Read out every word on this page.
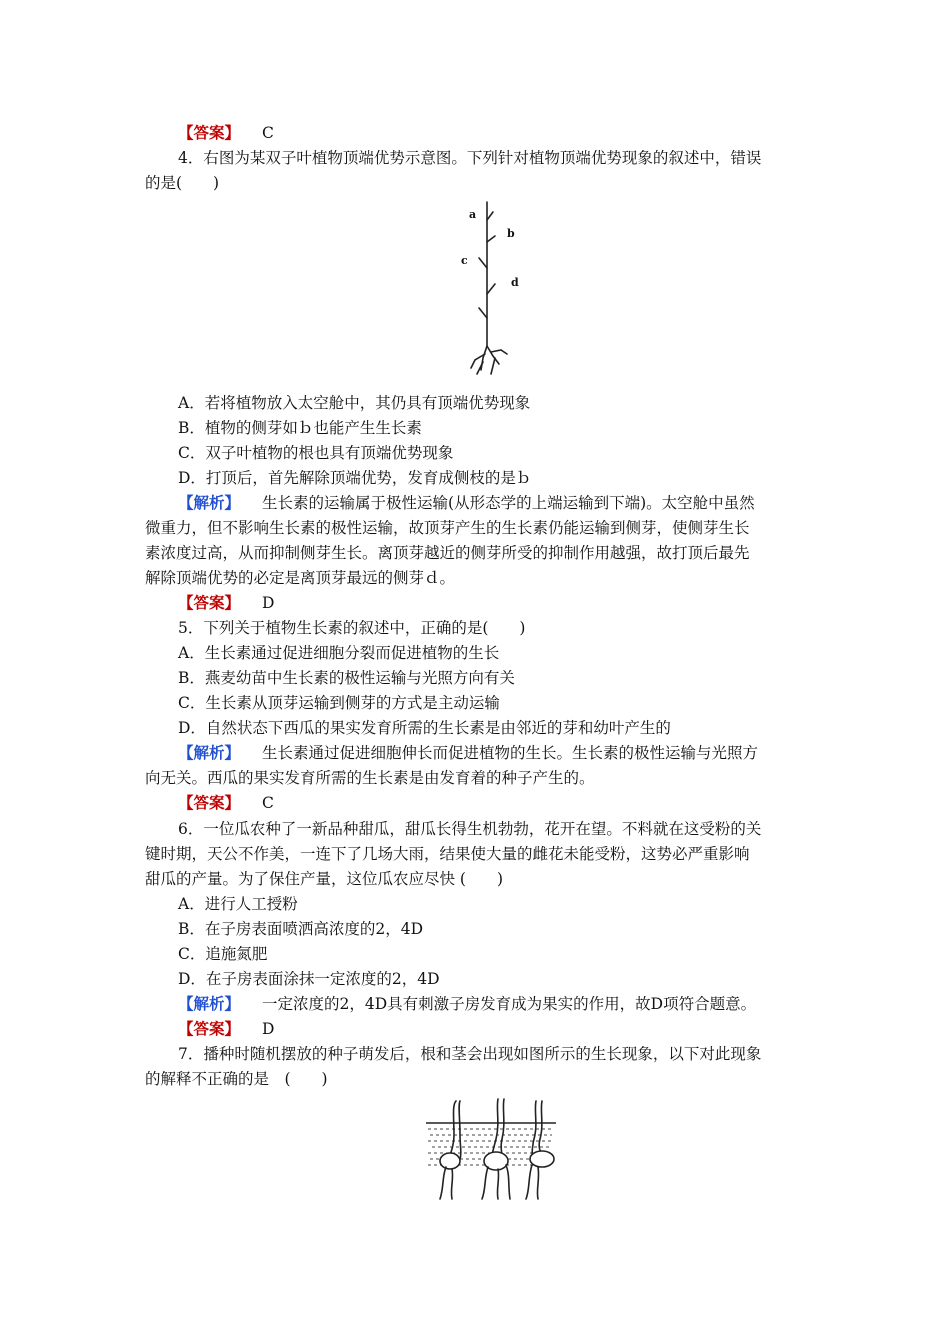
【答案】 C
4．右图为某双子叶植物顶端优势示意图。下列针对植物顶端优势现象的叙述中，错误
的是(　　)
a
b
c
d
A．若将植物放入太空舱中，其仍具有顶端优势现象
B．植物的侧芽如ｂ也能产生生长素
C．双子叶植物的根也具有顶端优势现象
D．打顶后，首先解除顶端优势，发育成侧枝的是ｂ
【解析】 生长素的运输属于极性运输(从形态学的上端运输到下端)。太空舱中虽然
微重力，但不影响生长素的极性运输，故顶芽产生的生长素仍能运输到侧芽，使侧芽生长
素浓度过高，从而抑制侧芽生长。离顶芽越近的侧芽所受的抑制作用越强，故打顶后最先
解除顶端优势的必定是离顶芽最远的侧芽ｄ。
【答案】 D
5．下列关于植物生长素的叙述中，正确的是(　　)
A．生长素通过促进细胞分裂而促进植物的生长
B．燕麦幼苗中生长素的极性运输与光照方向有关
C．生长素从顶芽运输到侧芽的方式是主动运输
D．自然状态下西瓜的果实发育所需的生长素是由邻近的芽和幼叶产生的
【解析】 生长素通过促进细胞伸长而促进植物的生长。生长素的极性运输与光照方
向无关。西瓜的果实发育所需的生长素是由发育着的种子产生的。
【答案】 C
6．一位瓜农种了一新品种甜瓜，甜瓜长得生机勃勃，花开在望。不料就在这受粉的关
键时期，天公不作美，一连下了几场大雨，结果使大量的雌花未能受粉，这势必严重影响
甜瓜的产量。为了保住产量，这位瓜农应尽快 (　　)
A．进行人工授粉
B．在子房表面喷洒高浓度的2，4D
C．追施氮肥
D．在子房表面涂抹一定浓度的2，4D
【解析】 一定浓度的2，4D具有刺激子房发育成为果实的作用，故D项符合题意。
【答案】 D
7．播种时随机摆放的种子萌发后，根和茎会出现如图所示的生长现象，以下对此现象
的解释不正确的是　(　　)
